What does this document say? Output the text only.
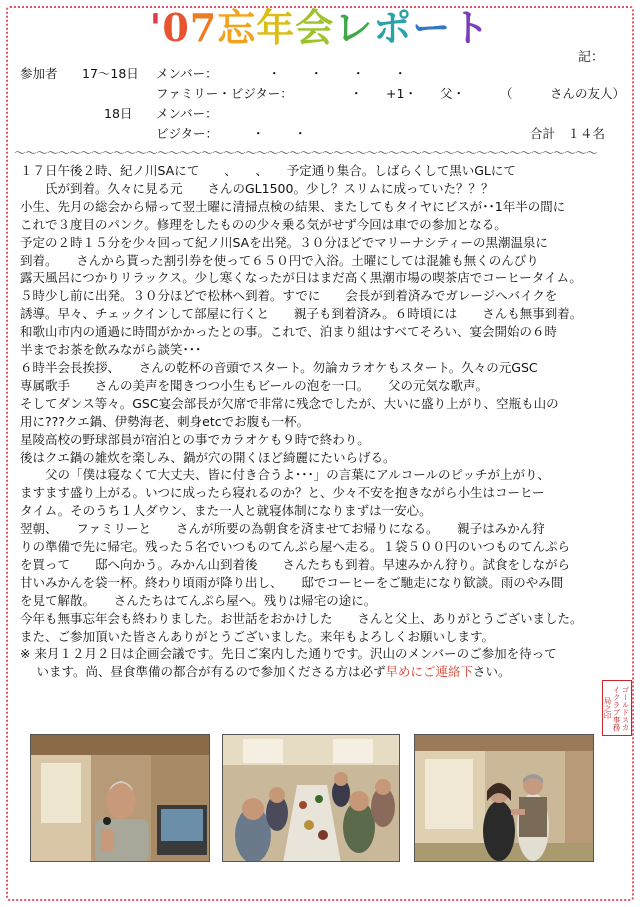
'07忘年会レポート
記：
参加者 17～18日 メンバー：	・ ・ ・ ・
ファミリー・ビジター：	・ +1・ 父・	（　　　さんの友人）
18日 メンバー：
ビジター：	・ ・	合計　１４名
～～～～～～～～～～～～～～～～～～～～～～～～～～～～～～～～～～～～～～～～～～～～～～～～～～～～～

１７日午後２時、紀ノ川SAにて　　、　　、　　予定通り集合。しばらくして黒いGLにて

　　氏が到着。久々に見る元　　さんのGL1500。少し？スリムに成っていた？？？

小生、先月の総会から帰って翌土曜に清掃点検の結果、またしてもタイヤにビスが･･1年半の間に

これで３度目のパンク。修理をしたものの少々乗る気がせず今回は車での参加となる。

予定の２時１５分を少々回って紀ノ川SAを出発。３０分ほどでマリーナシティーの黒潮温泉に

到着。　　さんから貰った割引券を使って６５０円で入浴。土曜にしては混雑も無くのんびり

露天風呂につかりリラックス。少し寒くなったが日はまだ高く黒潮市場の喫茶店でコーヒータイム。

５時少し前に出発。３０分ほどで松林へ到着。すでに　　会長が到着済みでガレージへバイクを

誘導。早々、チェックインして部屋に行くと　　親子も到着済み。６時頃には　　さんも無事到着。

和歌山市内の通過に時間がかかったとの事。これで、泊まり組はすべてそろい、宴会開始の６時

半までお茶を飲みながら談笑･･･

６時半会長挨拶、　　さんの乾杯の音頭でスタート。勿論カラオケもスタート。久々の元GSC

専属歌手　　さんの美声を聞きつつ小生もビールの泡を一口。　　父の元気な歌声。

そしてダンス等々。GSC宴会部長が欠席で非常に残念でしたが、大いに盛り上がり、空瓶も山の

用に???クエ鍋、伊勢海老、刺身etcでお腹も一杯。

星陵高校の野球部員が宿泊との事でカラオケも９時で終わり。

後はクエ鍋の雑炊を楽しみ、鍋が穴の開くほど綺麗にたいらげる。

　　父の「僕は寝なくて大丈夫、皆に付き合うよ･･･」の言葉にアルコールのピッチが上がり、

ますます盛り上がる。いつに成ったら寝れるのか？と、少々不安を抱きながら小生はコーヒー

タイム。そのうち１人ダウン、また一人と就寝体制になりまずは一安心。

翌朝、　　ファミリーと　　さんが所要の為朝食を済ませてお帰りになる。　　親子はみかん狩

りの準備で先に帰宅。残った５名でいつものてんぷら屋へ走る。１袋５００円のいつものてんぷら

を買って　　邸へ向かう。みかん山到着後　　さんたちも到着。早速みかん狩り。試食をしながら

甘いみかんを袋一杯。終わり頃雨が降り出し、　　邸でコーヒーをご馳走になり歓談。雨のやみ間

を見て解散。　　さんたちはてんぷら屋へ。残りは帰宅の途に。

今年も無事忘年会も終わりました。お世話をおかけした　　さんと父上、ありがとうございました。

また、ご参加頂いた皆さんありがとうございました。来年もよろしくお願いします。

※ 来月１２月２日は企画会議です。先日ご案内した通りです。沢山のメンバーのご参加を待って

　 います。尚、昼食準備の都合が有るので参加くださる方は必ず早めにご連絡下さい。

ゴールドスカイクラブ事務局之印
